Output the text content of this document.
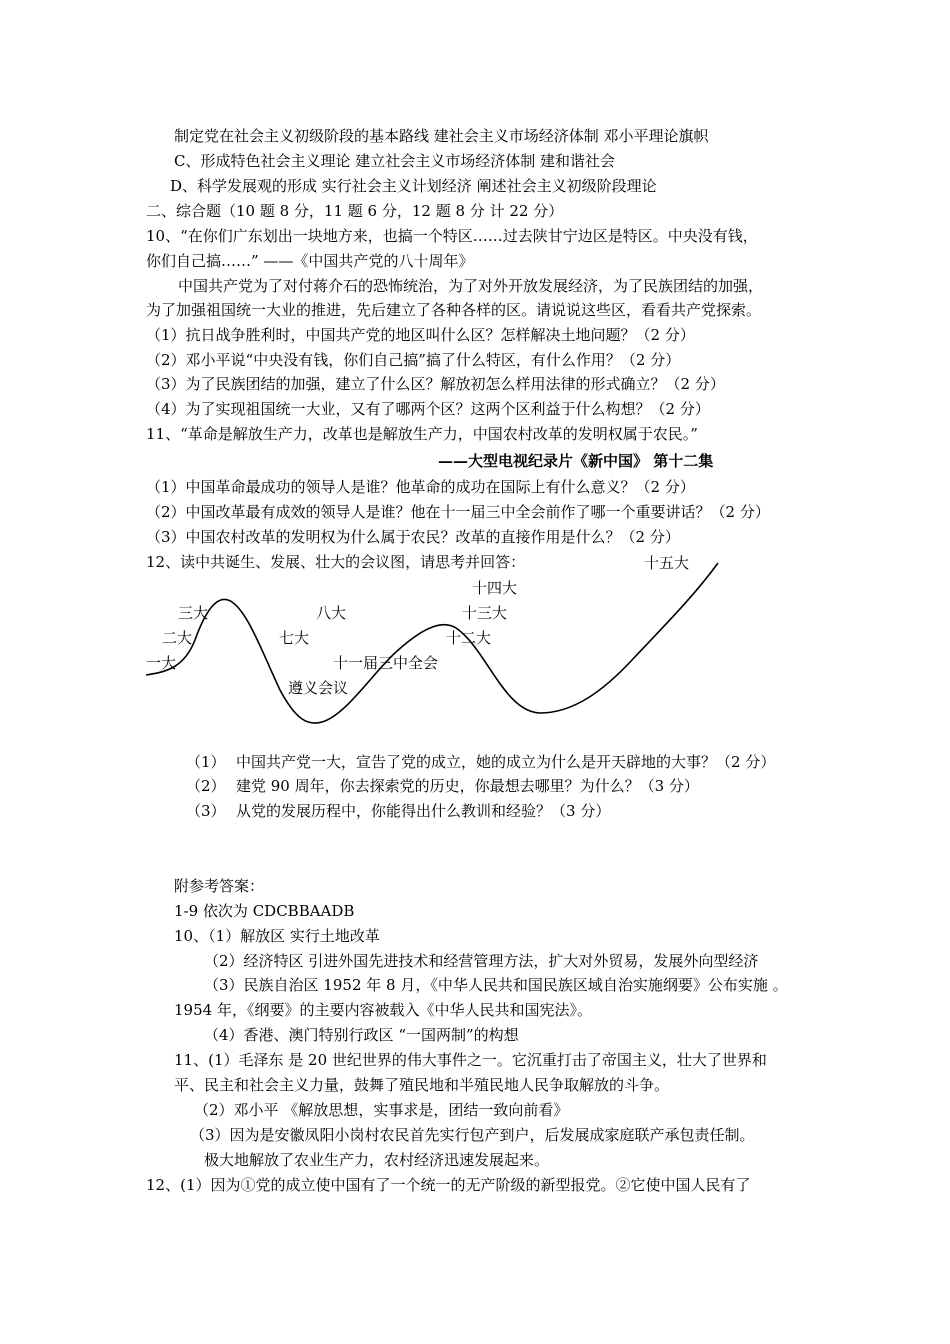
制定党在社会主义初级阶段的基本路线 建社会主义市场经济体制 邓小平理论旗帜
C、形成特色社会主义理论 建立社会主义市场经济体制 建和谐社会
D、科学发展观的形成 实行社会主义计划经济 阐述社会主义初级阶段理论
二、综合题（10 题 8 分，11 题 6 分，12 题 8 分 计 22 分）
10、“在你们广东划出一块地方来，也搞一个特区……过去陕甘宁边区是特区。中央没有钱，
你们自己搞……” ——《中国共产党的八十周年》
中国共产党为了对付蒋介石的恐怖统治，为了对外开放发展经济，为了民族团结的加强，
为了加强祖国统一大业的推进，先后建立了各种各样的区。请说说这些区，看看共产党探索。
（1）抗日战争胜利时，中国共产党的地区叫什么区？怎样解决土地问题？（2 分）
（2）邓小平说“中央没有钱，你们自己搞”搞了什么特区，有什么作用？（2 分）
（3）为了民族团结的加强，建立了什么区？解放初怎么样用法律的形式确立？（2 分）
（4）为了实现祖国统一大业，又有了哪两个区？这两个区利益于什么构想？（2 分）
11、“革命是解放生产力，改革也是解放生产力，中国农村改革的发明权属于农民。”
——大型电视纪录片《新中国》 第十二集
（1）中国革命最成功的领导人是谁？他革命的成功在国际上有什么意义？（2 分）
（2）中国改革最有成效的领导人是谁？他在十一届三中全会前作了哪一个重要讲话？（2 分）
（3）中国农村改革的发明权为什么属于农民？改革的直接作用是什么？（2 分）
12、读中共诞生、发展、壮大的会议图，请思考并回答：	十五大
十四大
三大	八大	十三大
二大	七大	十二大
一大	十一届三中全会
遵义会议
（1） 中国共产党一大，宣告了党的成立，她的成立为什么是开天辟地的大事？（2 分）
（2） 建党 90 周年，你去探索党的历史，你最想去哪里？为什么？（3 分）
（3） 从党的发展历程中，你能得出什么教训和经验？（3 分）
附参考答案：
1-9 依次为 CDCBBAADB
10、（1）解放区 实行土地改革
（2）经济特区 引进外国先进技术和经营管理方法，扩大对外贸易，发展外向型经济
（3）民族自治区 1952 年 8 月，《中华人民共和国民族区域自治实施纲要》公布实施 。
1954 年，《纲要》的主要内容被载入《中华人民共和国宪法》。
（4）香港、澳门特别行政区 “一国两制”的构想
11、(1）毛泽东 是 20 世纪世界的伟大事件之一。它沉重打击了帝国主义，壮大了世界和
平、民主和社会主义力量，鼓舞了殖民地和半殖民地人民争取解放的斗争。
（2）邓小平 《解放思想，实事求是，团结一致向前看》
（3）因为是安徽凤阳小岗村农民首先实行包产到户，后发展成家庭联产承包责任制。
极大地解放了农业生产力，农村经济迅速发展起来。
12、(1）因为①党的成立使中国有了一个统一的无产阶级的新型报党。②它使中国人民有了
